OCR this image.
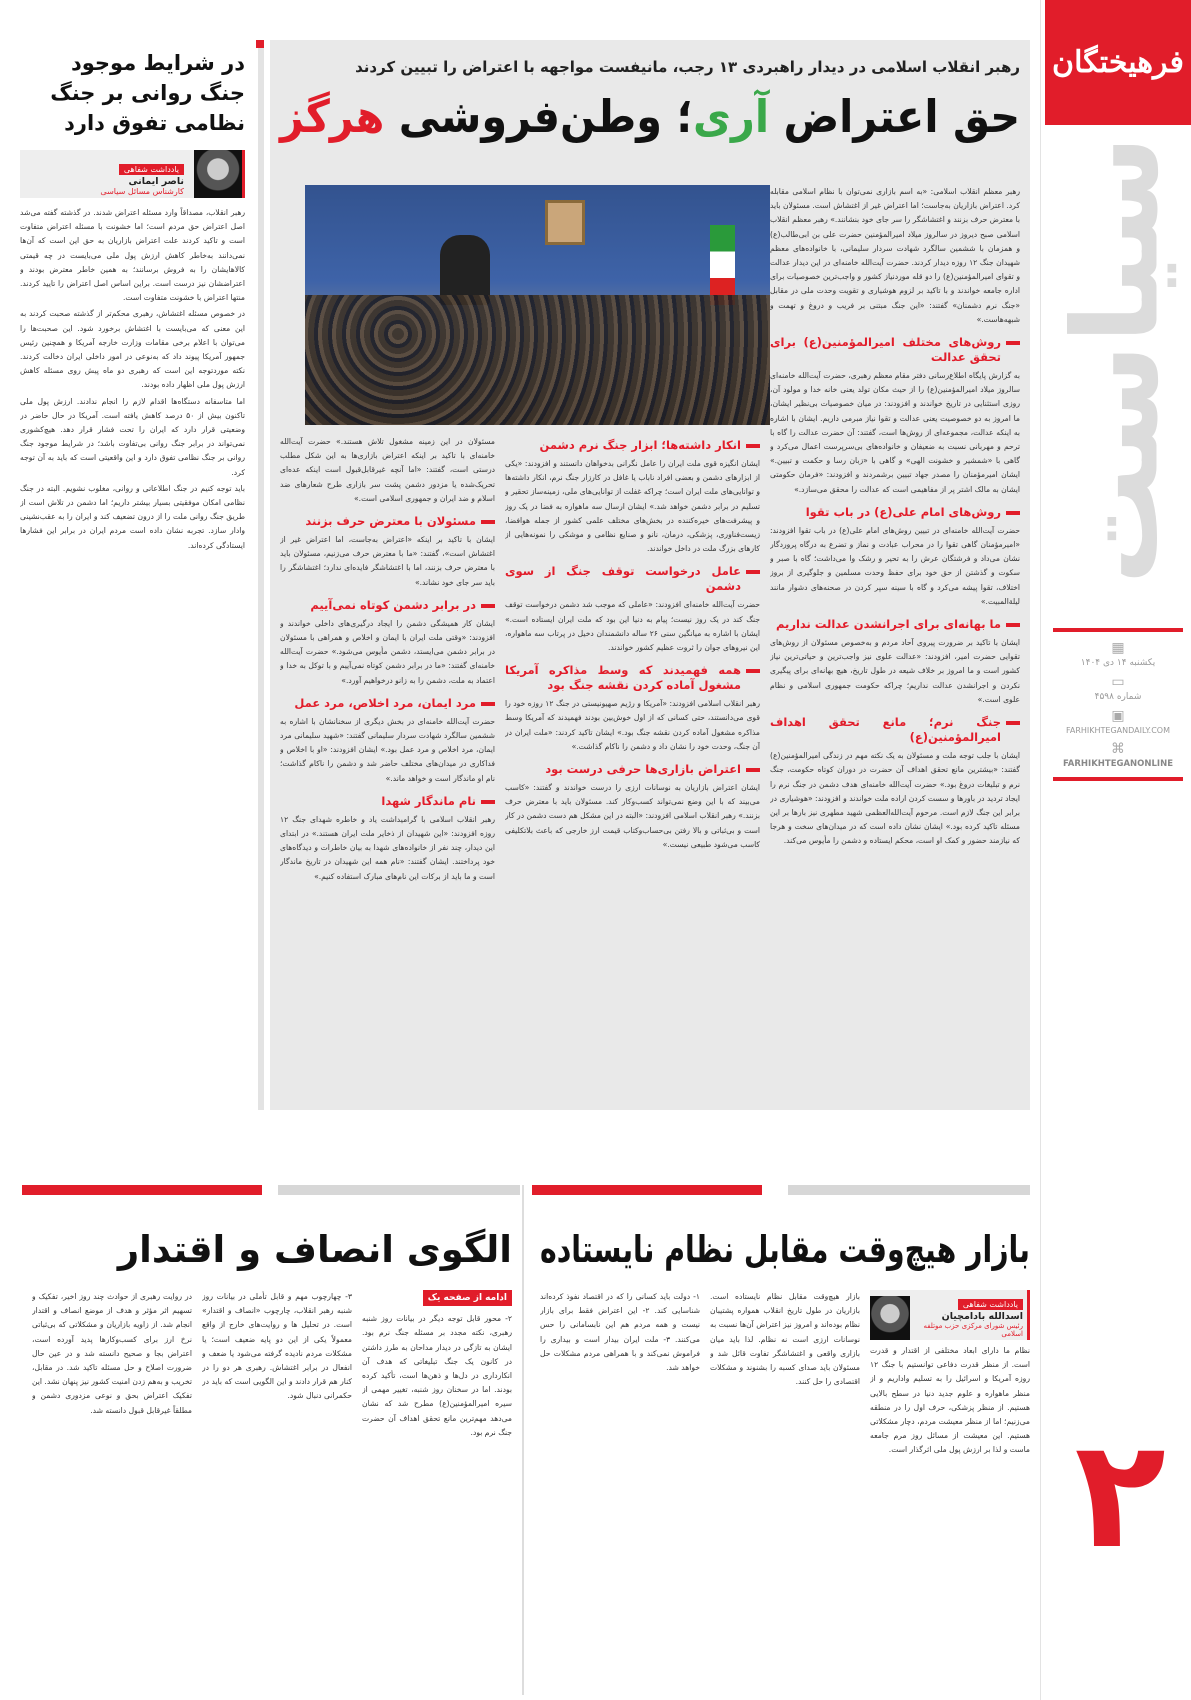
فرهیختگان
سیاست
▦
یکشنبه ۱۴ دی ۱۴۰۴
▭
شماره ۴۵۹۸
▣
FARHIKHTEGANDAILY.COM
⌘
FARHIKHTEGANONLINE
۲
رهبر انقلاب اسلامی در دیدار راهبردی ۱۳ رجب، مانیفست مواجهه با اعتراض را تبیین کردند
حق اعتراض آری؛ وطن‌فروشی هرگز

رهبر معظم انقلاب اسلامی: «به اسم بازاری نمی‌توان با نظام اسلامی مقابله کرد. اعتراض بازاریان به‌جاست؛ اما اعتراض غیر از اغتشاش است. مسئولان باید با معترض حرف بزنند و اغتشاشگر را سر جای خود بنشانند.» رهبر معظم انقلاب اسلامی صبح دیروز در سالروز میلاد امیرالمؤمنین حضرت علی بن ابی‌طالب(ع) و همزمان با ششمین سالگرد شهادت سردار سلیمانی، با خانواده‌های معظم شهیدان جنگ ۱۲ روزه دیدار کردند. حضرت آیت‌الله خامنه‌ای در این دیدار عدالت و تقوای امیرالمؤمنین(ع) را دو قله موردنیاز کشور و واجب‌ترین خصوصیات برای اداره جامعه خواندند و با تاکید بر لزوم هوشیاری و تقویت وحدت ملی در مقابل «جنگ نرم دشمنان» گفتند: «این جنگ مبتنی بر فریب و دروغ و تهمت و شبهه‌هاست.»

روش‌های مختلف امیرالمؤمنین(ع) برای تحقق عدالت

به گزارش پایگاه اطلاع‌رسانی دفتر مقام معظم رهبری، حضرت آیت‌الله خامنه‌ای سالروز میلاد امیرالمؤمنین(ع) را از حیث مکان تولد یعنی خانه خدا و مولود آن، روزی استثنایی در تاریخ خواندند و افزودند: در میان خصوصیات بی‌نظیر ایشان، ما امروز به دو خصوصیت یعنی عدالت و تقوا نیاز مبرمی داریم. ایشان با اشاره به اینکه عدالت، مجموعه‌ای از روش‌ها است، گفتند: آن حضرت عدالت را گاه با ترحم و مهربانی نسبت به ضعیفان و خانواده‌های بی‌سرپرست اعمال می‌کرد و گاهی با «شمشیر و خشونت الهی» و گاهی با «زبان رسا و حکمت و تبیین.» ایشان امیرمؤمنان را مصدر جهاد تبیین برشمردند و افزودند: «فرمان حکومتی ایشان به مالک اشتر پر از مفاهیمی است که عدالت را محقق می‌سازد.»

روش‌های امام علی(ع) در باب تقوا

حضرت آیت‌الله خامنه‌ای در تبیین روش‌های امام علی(ع) در باب تقوا افزودند: «امیرمؤمنان گاهی تقوا را در محراب عبادت و نماز و تضرع به درگاه پروردگار نشان می‌داد و فرشتگان عرش را به تحیر و رشک وا می‌داشت؛ گاه با صبر و سکوت و گذشتن از حق خود برای حفظ وحدت مسلمین و جلوگیری از بروز اختلاف، تقوا پیشه می‌کرد و گاه با سینه سپر کردن در صحنه‌های دشوار مانند لیلةالمبیت.»

ما بهانه‌ای برای اجرانشدن عدالت نداریم

ایشان با تاکید بر ضرورت پیروی آحاد مردم و به‌خصوص مسئولان از روش‌های تقوایی حضرت امیر، افزودند: «عدالت علوی نیز واجب‌ترین و حیاتی‌ترین نیاز کشور است و ما امروز بر خلاف شیعه در طول تاریخ، هیچ بهانه‌ای برای پیگیری نکردن و اجرانشدن عدالت نداریم؛ چراکه حکومت جمهوری اسلامی و نظام علوی است.»

جنگ نرم؛ مانع تحقق اهداف امیرالمؤمنین(ع)

ایشان با جلب توجه ملت و مسئولان به یک نکته مهم در زندگی امیرالمؤمنین(ع) گفتند: «بیشترین مانع تحقق اهداف آن حضرت در دوران کوتاه حکومت، جنگ نرم و تبلیغات دروغ بود.» حضرت آیت‌الله خامنه‌ای هدف دشمن در جنگ نرم را ایجاد تردید در باورها و سست کردن اراده ملت خواندند و افزودند: «هوشیاری در برابر این جنگ لازم است. مرحوم آیت‌الله‌العظمی شهید مطهری نیز بارها بر این مسئله تاکید کرده بود.» ایشان نشان داده است که در میدان‌های سخت و هرجا که نیازمند حضور و کمک او است، محکم ایستاده و دشمن را مأیوس می‌کند.

انکار داشته‌ها؛ ابزار جنگ نرم دشمن

ایشان انگیزه‌ قوی ملت ایران را عامل نگرانی بدخواهان دانستند و افزودند: «یکی از ابزارهای دشمن و بعضی افراد ناباب یا غافل در کارزار جنگ نرم، انکار داشته‌ها و توانایی‌های ملت ایران است؛ چراکه غفلت از توانایی‌های ملی، زمینه‌ساز تحقیر و تسلیم در برابر دشمن خواهد شد.» ایشان ارسال سه ماهواره به فضا در یک روز و پیشرفت‌های خیره‌کننده در بخش‌های مختلف علمی کشور از جمله هوافضا، زیست‌فناوری، پزشکی، درمان، نانو و صنایع نظامی و موشکی را نمونه‌هایی از کارهای بزرگ ملت در داخل خواندند.

عامل درخواست توقف جنگ از سوی دشمن

حضرت آیت‌الله خامنه‌ای افزودند: «عاملی که موجب شد دشمن درخواست توقف جنگ کند در یک روز نیست؛ پیام به دنیا این بود که ملت ایران ایستاده است.» ایشان با اشاره به میانگین سنی ۲۶ ساله دانشمندان دخیل در پرتاب سه ماهواره، این نیروهای جوان را ثروت عظیم کشور خواندند.

همه فهمیدند که وسط مذاکره آمریکا مشغول آماده کردن نقشه جنگ بود

رهبر انقلاب اسلامی افزودند: «آمریکا و رژیم صهیونیستی در جنگ ۱۲ روزه خود را قوی می‌دانستند، حتی کسانی که از اول خوش‌بین بودند فهمیدند که آمریکا وسط مذاکره مشغول آماده کردن نقشه جنگ بود.» ایشان تاکید کردند: «ملت ایران در آن جنگ، وحدت خود را نشان داد و دشمن را ناکام گذاشت.»

اعتراض بازاری‌ها حرفی درست بود

ایشان اعتراض بازاریان به نوسانات ارزی را درست خواندند و گفتند: «کاسب می‌بیند که با این وضع نمی‌تواند کسب‌وکار کند. مسئولان باید با معترض حرف بزنند.» رهبر انقلاب اسلامی افزودند: «البته در این مشکل هم دست دشمن در کار است و بی‌ثباتی و بالا رفتن بی‌حساب‌وکتاب قیمت ارز خارجی که باعث بلاتکلیفی کاسب می‌شود طبیعی نیست.»

مسئولان در این زمینه مشغول تلاش هستند.» حضرت آیت‌الله خامنه‌ای با تاکید بر اینکه اعتراض بازاری‌ها به این شکل مطلب درستی است، گفتند: «اما آنچه غیرقابل‌قبول است اینکه عده‌ای تحریک‌شده یا مزدور دشمن پشت سر بازاری طرح شعارهای ضد اسلام و ضد ایران و جمهوری اسلامی است.»

مسئولان با معترض حرف بزنند

ایشان با تاکید بر اینکه «اعتراض به‌جاست، اما اعتراض غیر از اغتشاش است»، گفتند: «ما با معترض حرف می‌زنیم، مسئولان باید با معترض حرف بزنند، اما با اغتشاشگر فایده‌ای ندارد؛ اغتشاشگر را باید سر جای خود نشاند.»

در برابر دشمن کوتاه نمی‌آییم

ایشان کار همیشگی دشمن را ایجاد درگیری‌های داخلی خواندند و افزودند: «وقتی ملت ایران با ایمان و اخلاص و همراهی با مسئولان در برابر دشمن می‌ایستد، دشمن مأیوس می‌شود.» حضرت آیت‌الله خامنه‌ای گفتند: «ما در برابر دشمن کوتاه نمی‌آییم و با توکل به خدا و اعتماد به ملت، دشمن را به زانو درخواهیم آورد.»

مرد ایمان، مرد اخلاص، مرد عمل

حضرت آیت‌الله خامنه‌ای در بخش دیگری از سخنانشان با اشاره به ششمین سالگرد شهادت سردار سلیمانی گفتند: «شهید سلیمانی مرد ایمان، مرد اخلاص و مرد عمل بود.» ایشان افزودند: «او با اخلاص و فداکاری در میدان‌های مختلف حاضر شد و دشمن را ناکام گذاشت؛ نام او ماندگار است و خواهد ماند.»

نام ماندگار شهدا

رهبر انقلاب اسلامی با گرامیداشت یاد و خاطره شهدای جنگ ۱۲ روزه افزودند: «این شهیدان از ذخایر ملت ایران هستند.» در ابتدای این دیدار، چند نفر از خانواده‌های شهدا به بیان خاطرات و دیدگاه‌های خود پرداختند. ایشان گفتند: «نام همه این شهیدان در تاریخ ماندگار است و ما باید از برکات این نام‌های مبارک استفاده کنیم.»

در شرایط موجود جنگ روانی بر جنگ نظامی تفوق دارد
یادداشت شفاهی
ناصر ایمانی
کارشناس مسائل سیاسی

رهبر انقلاب، مصداقاً وارد مسئله اعتراض شدند. در گذشته گفته می‌شد اصل اعتراض حق مردم است؛ اما خشونت با مسئله اعتراض متفاوت است و تاکید کردند علت اعتراض بازاریان به حق این است که آن‌ها نمی‌دانند به‌خاطر کاهش ارزش پول ملی می‌بایست در چه قیمتی کالاهایشان را به فروش برسانند؛ به همین خاطر معترض بودند و اعتراضشان نیز درست است. براین اساس اصل اعتراض را تایید کردند. منتها اعتراض با خشونت متفاوت است.

در خصوص مسئله اغتشاش، رهبری محکم‌تر از گذشته صحبت کردند به این معنی که می‌بایست با اغتشاش برخورد شود. این صحبت‌ها را می‌توان با اعلام برخی مقامات وزارت خارجه آمریکا و همچنین رئیس جمهور آمریکا پیوند داد که به‌نوعی در امور داخلی ایران دخالت کردند. نکته موردتوجه این است که رهبری دو ماه پیش روی مسئله کاهش ارزش پول ملی اظهار داده بودند.

اما متاسفانه دستگاه‌ها اقدام لازم را انجام ندادند. ارزش پول ملی تاکنون بیش از ۵۰ درصد کاهش یافته است. آمریکا در حال حاضر در وضعیتی قرار دارد که ایران را تحت فشار قرار دهد. هیچ‌کشوری نمی‌تواند در برابر جنگ روانی بی‌تفاوت باشد؛ در شرایط موجود جنگ روانی بر جنگ نظامی تفوق دارد و این واقعیتی است که باید به آن توجه کرد.

باید توجه کنیم در جنگ اطلاعاتی و روانی، مغلوب نشویم. البته در جنگ نظامی امکان موفقیتی بسیار بیشتر داریم؛ اما دشمن در تلاش است از طریق جنگ روانی ملت را از درون تضعیف کند و ایران را به عقب‌نشینی وادار سازد. تجربه نشان داده است مردم ایران در برابر این فشارها ایستادگی کرده‌اند.

بازار هیچ‌وقت مقابل نظام نایستاده
یادداشت شفاهی
اسدالله بادامچیان
رئیس شورای مرکزی حزب موتلفه اسلامی

نظام ما دارای ابعاد مختلفی از اقتدار و قدرت است. از منظر قدرت دفاعی توانستیم با جنگ ۱۲ روزه آمریکا و اسرائیل را به تسلیم واداریم و از منظر ماهواره و علوم جدید دنیا در سطح بالایی هستیم. از منظر پزشکی، حرف اول را در منطقه می‌زنیم؛ اما از منظر معیشت مردم، دچار مشکلاتی هستیم. این معیشت از مسائل روز مرم جامعه ماست و لذا بر ارزش پول ملی اثرگذار است.

بازار هیچ‌وقت مقابل نظام نایستاده است. بازاریان در طول تاریخ انقلاب همواره پشتیبان نظام بوده‌اند و امروز نیز اعتراض آن‌ها نسبت به نوسانات ارزی است نه نظام. لذا باید میان بازاری واقعی و اغتشاشگر تفاوت قائل شد و مسئولان باید صدای کسبه را بشنوند و مشکلات اقتصادی را حل کنند.

۱- دولت باید کسانی را که در اقتصاد نفوذ کرده‌اند شناسایی کند. ۲- این اعتراض فقط برای بازار نیست و همه مردم هم این نابسامانی را حس می‌کنند. ۳- ملت ایران بیدار است و بیداری را فراموش نمی‌کند و با همراهی مردم مشکلات حل خواهد شد.

الگوی انصاف و اقتدار
ادامه از صفحه یک

۲- محور قابل توجه دیگر در بیانات روز شنبه رهبری، نکته مجدد بر مسئله جنگ نرم بود. ایشان به تازگی در دیدار مداحان به طرز داشتن در کانون یک جنگ تبلیغاتی که هدف آن انکارداری در دل‌ها و ذهن‌ها است، تأکید کرده بودند. اما در سخنان روز شنبه، تغییر مهمی از سیره امیرالمؤمنین(ع) مطرح شد که نشان می‌دهد مهم‌ترین مانع تحقق اهداف آن حضرت جنگ نرم بود.

۳- چهارچوب مهم و قابل تأملی در بیانات روز شنبه رهبر انقلاب، چارچوب «انصاف و اقتدار» است. در تحلیل ها و روایت‌های خارج از واقع معمولاً یکی از این دو پایه ضعیف است؛ یا مشکلات مردم نادیده گرفته می‌شود یا ضعف و انفعال در برابر اغتشاش. رهبری هر دو را در کنار هم قرار دادند و این الگویی است که باید در حکمرانی دنبال شود.

در روایت رهبری از حوادث چند روز اخیر، تفکیک و تسهیم اثر مؤثر و هدف از موضع انصاف و اقتدار انجام شد. از زاویه بازاریان و مشکلاتی که بی‌ثباتی نرخ ارز برای کسب‌وکارها پدید آورده است، اعتراض بجا و صحیح دانسته شد و در عین حال ضرورت اصلاح و حل مسئله تاکید شد. در مقابل، تخریب و به‌هم زدن امنیت کشور نیز پنهان نشد. این تفکیک اعتراض بحق و نوعی مزدوری دشمن و مطلقاً غیرقابل قبول دانسته شد.
